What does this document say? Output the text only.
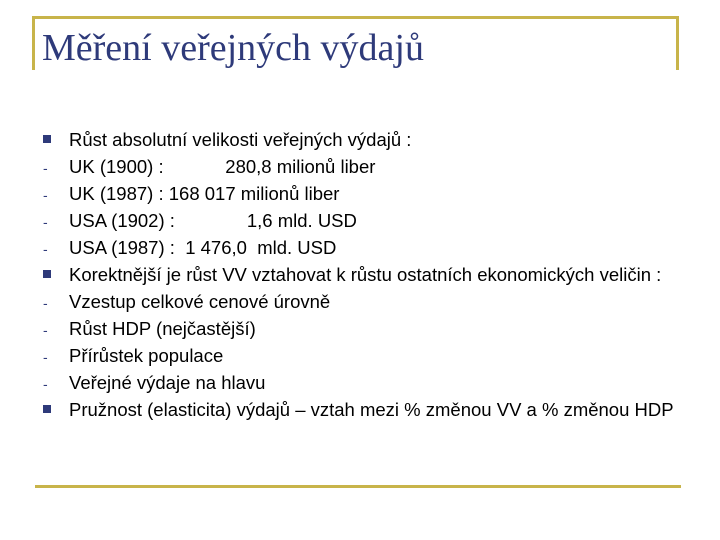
Měření veřejných výdajů
Růst absolutní velikosti veřejných výdajů :
- UK (1900) :            280,8 milionů liber
- UK (1987) : 168 017 milionů liber
- USA (1902) :              1,6 mld. USD
- USA (1987) :  1 476,0  mld. USD
Korektnější je růst VV vztahovat k růstu ostatních ekonomických veličin :
- Vzestup celkové cenové úrovně
- Růst HDP (nejčastější)
- Přírůstek populace
- Veřejné výdaje na hlavu
Pružnost (elasticita) výdajů – vztah mezi % změnou VV a % změnou HDP
